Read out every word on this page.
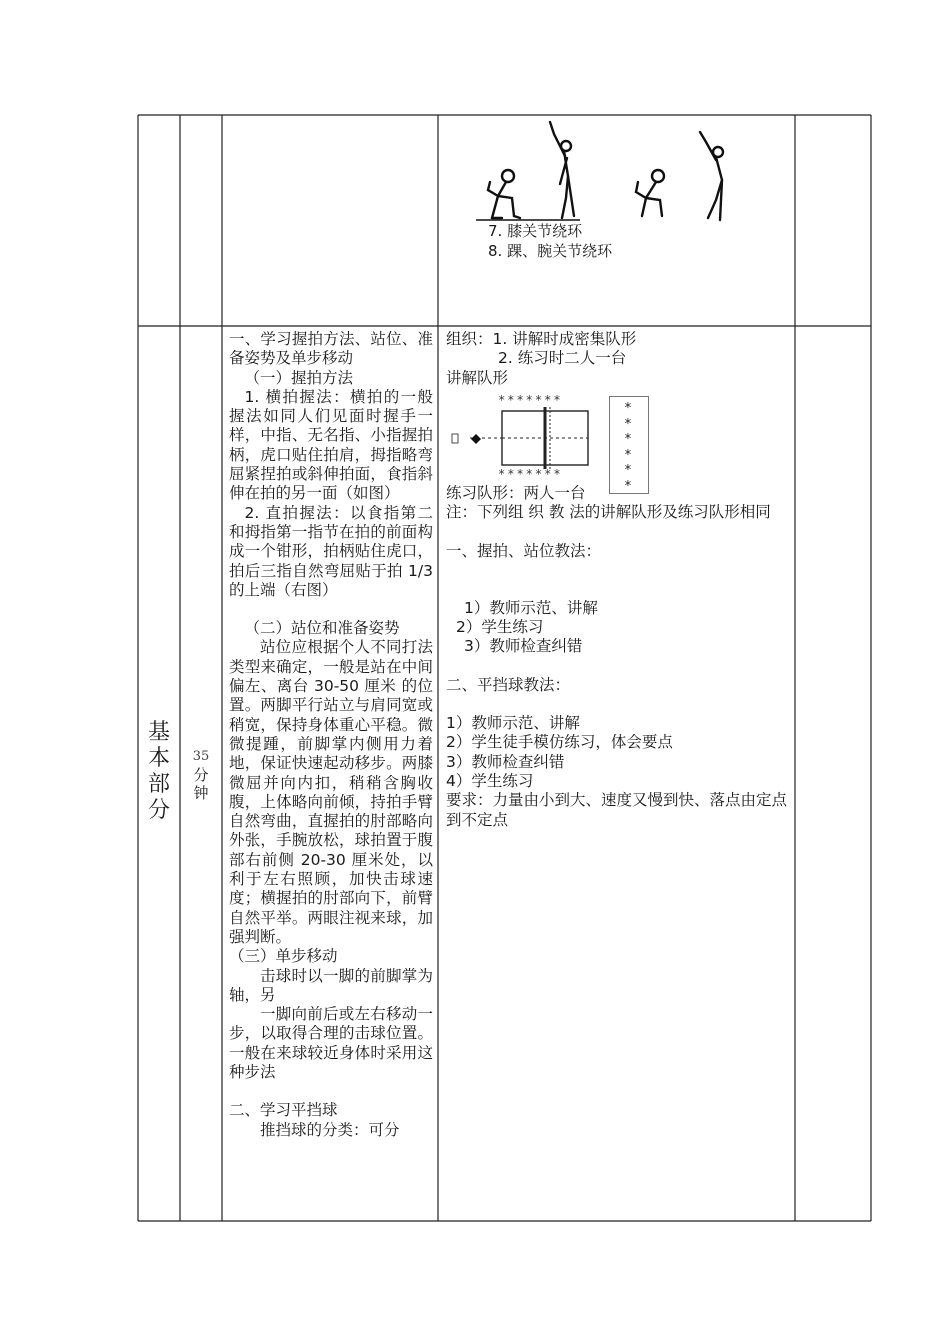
7. 膝关节绕环
8. 踝、腕关节绕环
基
本
部
分
35
分
钟

一、学习握拍方法、站位、准备姿势及单步移动

（一）握拍方法

1. 横拍握法：横拍的一般握法如同人们见面时握手一样，中指、无名指、小指握拍柄，虎口贴住拍肩，拇指略弯屈紧捏拍或斜伸拍面，食指斜伸在拍的另一面（如图）

2. 直拍握法：以食指第二和拇指第一指节在拍的前面构成一个钳形，拍柄贴住虎口，拍后三指自然弯屈贴于拍 1/3 的上端（右图）

（二）站位和准备姿势

站位应根据个人不同打法类型来确定，一般是站在中间偏左、离台 30-50 厘米 的位置。两脚平行站立与肩同宽或稍宽，保持身体重心平稳。微微提踵，前脚掌内侧用力着地，保证快速起动移步。两膝微屈并向内扣，稍稍含胸收腹，上体略向前倾，持拍手臂自然弯曲，直握拍的肘部略向外张，手腕放松，球拍置于腹部右前侧 20-30 厘米处，以利于左右照顾，加快击球速度；横握拍的肘部向下，前臂自然平举。两眼注视来球，加强判断。

（三）单步移动

击球时以一脚的前脚掌为轴，另

一脚向前后或左右移动一步，以取得合理的击球位置。一般在来球较近身体时采用这种步法

二、学习平挡球

推挡球的分类：可分

组织：1. 讲解时成密集队形

2. 练习时二人一台

讲解队形

*******
*******
*
*
*
*
*
*

练习队形：两人一台

注：下列组 织 教 法的讲解队形及练习队形相同

一、握拍、站位教法：

1）教师示范、讲解

2）学生练习

3）教师检查纠错

二、平挡球教法：

1）教师示范、讲解

2）学生徒手模仿练习，体会要点

3）教师检查纠错

4）学生练习

要求：力量由小到大、速度又慢到快、落点由定点到不定点
